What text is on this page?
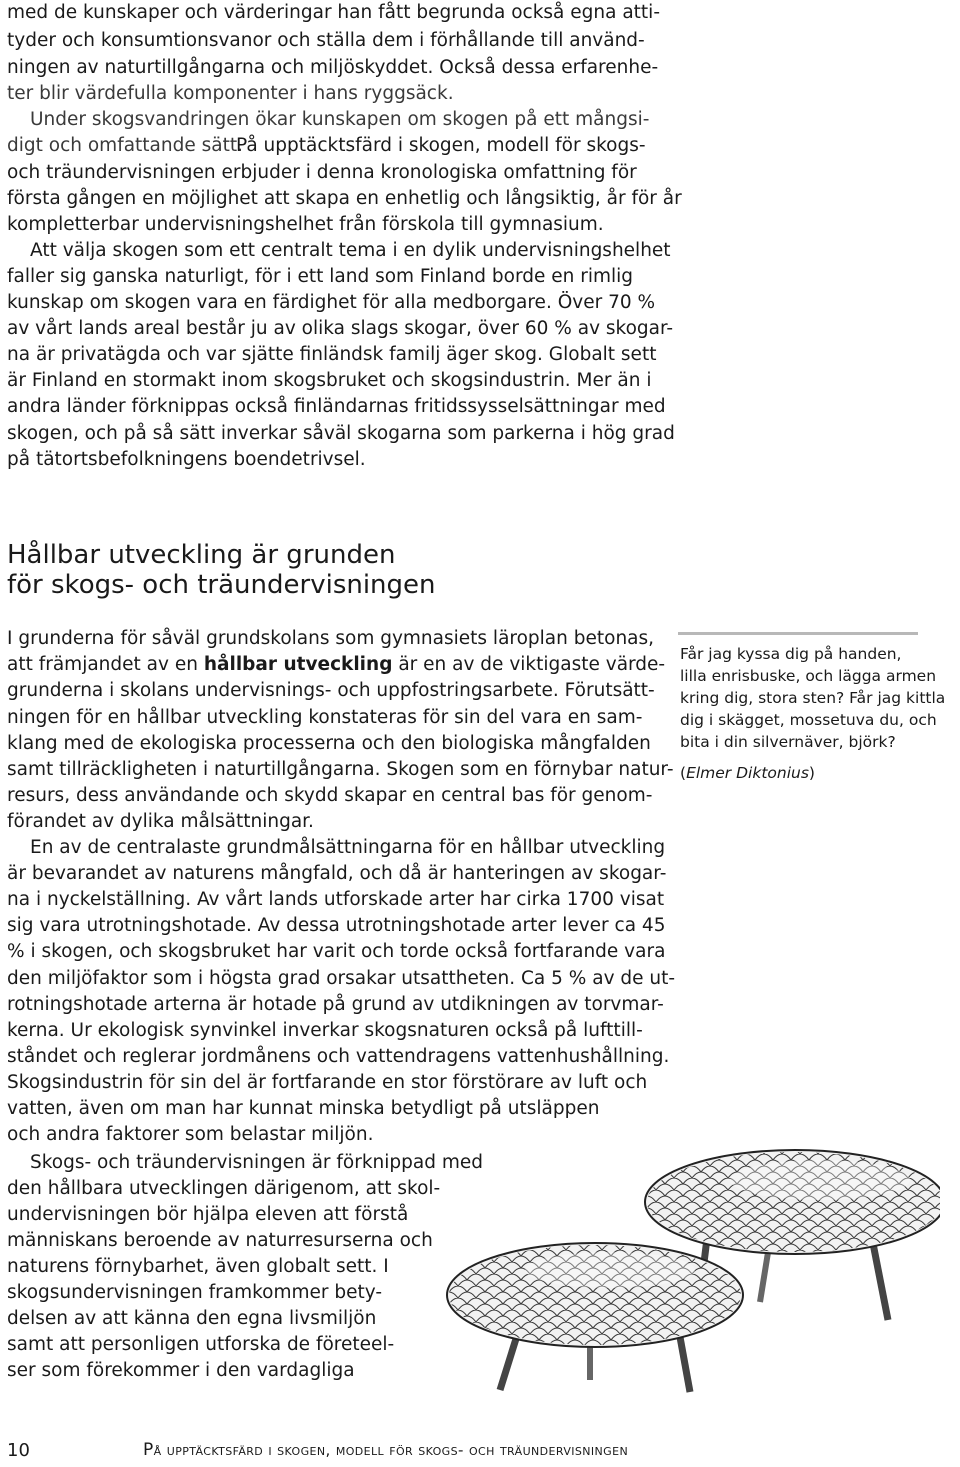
med de kunskaper och värderingar han fått begrunda också egna atti-
tyder och konsumtionsvanor och ställa dem i förhållande till använd-
ningen av naturtillgångarna och miljöskyddet. Också dessa erfarenhe-
ter blir värdefulla komponenter i hans ryggsäck.
Under skogsvandringen ökar kunskapen om skogen på ett mångsi-
digt och omfattande sätt.
På upptäcktsfärd i skogen, modell för skogs-
och träundervisningen erbjuder i denna kronologiska omfattning för
första gången en möjlighet att skapa en enhetlig och långsiktig, år för år
kompletterbar undervisningshelhet från förskola till gymnasium.
Att välja skogen som ett centralt tema i en dylik undervisningshelhet
faller sig ganska naturligt, för i ett land som Finland borde en rimlig
kunskap om skogen vara en färdighet för alla medborgare. Över 70 %
av vårt lands areal består ju av olika slags skogar, över 60 % av skogar-
na är privatägda och var sjätte finländsk familj äger skog. Globalt sett
är Finland en stormakt inom skogsbruket och skogsindustrin. Mer än i
andra länder förknippas också finländarnas fritidssysselsättningar med
skogen, och på så sätt inverkar såväl skogarna som parkerna i hög grad
på tätortsbefolkningens boendetrivsel.
Hållbar utveckling är grunden
för skogs- och träundervisningen
I grunderna för såväl grundskolans som gymnasiets läroplan betonas,
att främjandet av en hållbar utveckling är en av de viktigaste värde-
grunderna i skolans undervisnings- och uppfostringsarbete. Förutsätt-
ningen för en hållbar utveckling konstateras för sin del vara en sam-
klang med de ekologiska processerna och den biologiska mångfalden
samt tillräckligheten i naturtillgångarna. Skogen som en förnybar natur-
resurs, dess användande och skydd skapar en central bas för genom-
förandet av dylika målsättningar.
En av de centralaste grundmålsättningarna för en hållbar utveckling
är bevarandet av naturens mångfald, och då är hanteringen av skogar-
na i nyckelställning. Av vårt lands utforskade arter har cirka 1700 visat
sig vara utrotningshotade. Av dessa utrotningshotade arter lever ca 45
% i skogen, och skogsbruket har varit och torde också fortfarande vara
den miljöfaktor som i högsta grad orsakar utsattheten. Ca 5 % av de ut-
rotningshotade arterna är hotade på grund av utdikningen av torvmar-
kerna. Ur ekologisk synvinkel inverkar skogsnaturen också på lufttill-
ståndet och reglerar jordmånens och vattendragens vattenhushållning.
Skogsindustrin för sin del är fortfarande en stor förstörare av luft och
vatten, även om man har kunnat minska betydligt på utsläppen
och andra faktorer som belastar miljön.
Skogs- och träundervisningen är förknippad med
den hållbara utvecklingen därigenom, att skol-
undervisningen bör hjälpa eleven att förstå
människans beroende av naturresurserna och
naturens förnybarhet, även globalt sett. I
skogsundervisningen framkommer bety-
delsen av att känna den egna livsmiljön
samt att personligen utforska de företeel-
ser som förekommer i den vardagliga
Får jag kyssa dig på handen,
lilla enrisbuske, och lägga armen
kring dig, stora sten? Får jag kittla
dig i skägget, mossetuva du, och
bita i din silvernäver, björk?
(Elmer Diktonius)
10	På upptäcktsfärd i skogen, modell för skogs- och träundervisningen
